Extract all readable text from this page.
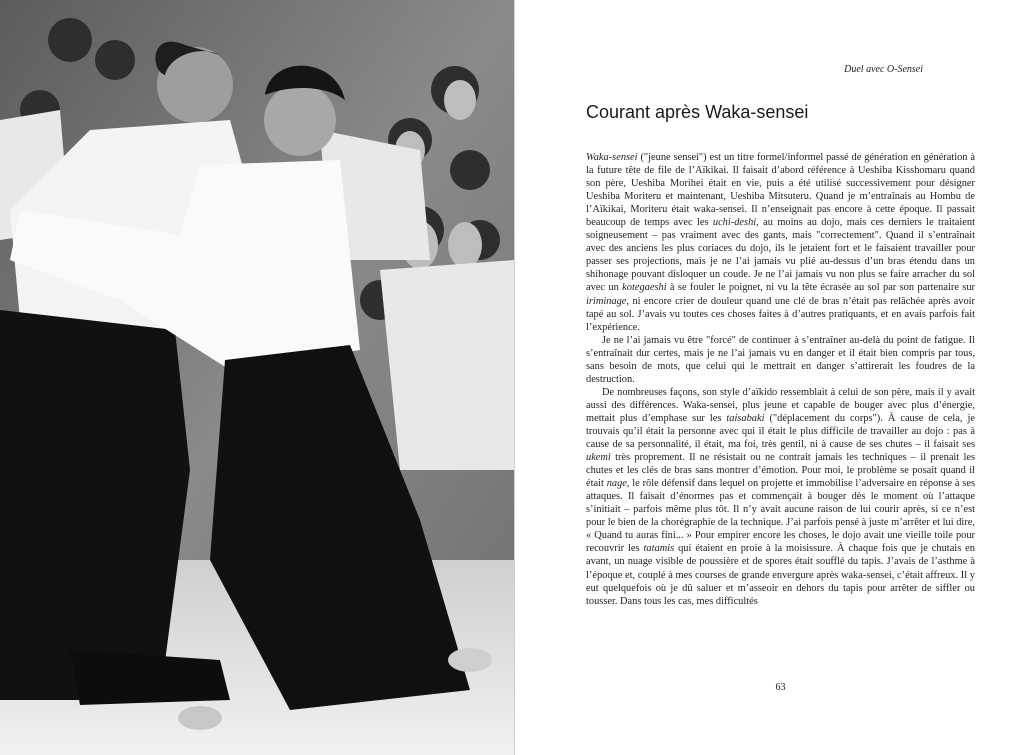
Duel avec O-Sensei
Courant après Waka-sensei

Waka-sensei ("jeune sensei") est un titre formel/informel passé de génération en génération à la future tête de file de l’Aïkikai. Il faisait d’abord référence à Ueshiba Kisshomaru quand son père, Ueshiba Morihei était en vie, puis a été utilisé successivement pour désigner Ueshiba Moriteru et maintenant, Ueshiba Mitsuteru. Quand je m’entraînais au Hombu de l’Aïkikai, Moriteru était waka-sensei. Il n’enseignait pas encore à cette époque. Il passait beaucoup de temps avec les uchi-deshi, au moins au dojo, mais ces derniers le traitaient soigneusement – pas vraiment avec des gants, mais "correctement". Quand il s’entraînait avec des anciens les plus coriaces du dojo, ils le jetaient fort et le faisaient travailler pour passer ses projections, mais je ne l’ai jamais vu plié au-dessus d’un bras étendu dans un shihonage pouvant disloquer un coude. Je ne l’ai jamais vu non plus se faire arracher du sol avec un kotegaeshi à se fouler le poignet, ni vu la tête écrasée au sol par son partenaire sur iriminage, ni encore crier de douleur quand une clé de bras n’était pas relâchée après avoir tapé au sol. J’avais vu toutes ces choses faites à d’autres pratiquants, et en avais parfois fait l’expérience.

Je ne l’ai jamais vu être "forcé" de continuer à s’entraîner au-delà du point de fatigue. Il s’entraînait dur certes, mais je ne l’ai jamais vu en danger et il était bien compris par tous, sans besoin de mots, que celui qui le mettrait en danger s’attirerait les foudres de la destruction.

De nombreuses façons, son style d’aïkido ressemblait à celui de son père, mais il y avait aussi des différences. Waka-sensei, plus jeune et capable de bouger avec plus d’énergie, mettait plus d’emphase sur les taisabaki ("déplacement du corps"). À cause de cela, je trouvais qu’il était la personne avec qui il était le plus difficile de travailler au dojo : pas à cause de sa personnalité, il était, ma foi, très gentil, ni à cause de ses chutes – il faisait ses ukemi très proprement. Il ne résistait ou ne contrait jamais les techniques – il prenait les chutes et les clés de bras sans montrer d’émotion. Pour moi, le problème se posait quand il était nage, le rôle défensif dans lequel on projette et immobilise l’adversaire en réponse à ses attaques. Il faisait d’énormes pas et commençait à bouger dès le moment où l’attaque s’initiait – parfois même plus tôt. Il n’y avait aucune raison de lui courir après, si ce n’est pour le bien de la chorégraphie de la technique. J’ai parfois pensé à juste m’arrêter et lui dire, « Quand tu auras fini... » Pour empirer encore les choses, le dojo avait une vieille toile pour recouvrir les tatamis qui étaient en proie à la moisissure. À chaque fois que je chutais en avant, un nuage visible de poussière et de spores était soufflé du tapis. J’avais de l’asthme à l’époque et, couplé à mes courses de grande envergure après waka-sensei, c’était affreux. Il y eut quelquefois où je dû saluer et m’asseoir en dehors du tapis pour arrêter de siffler ou tousser. Dans tous les cas, mes difficultés

63
